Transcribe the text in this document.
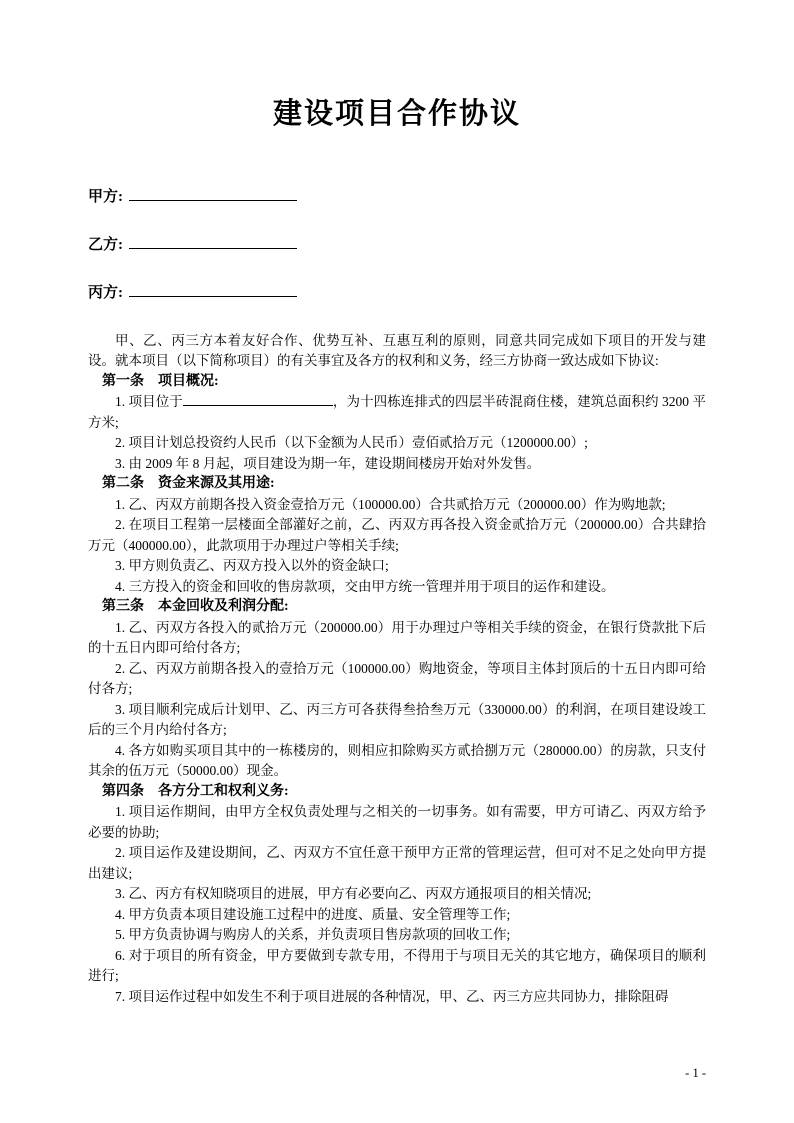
建设项目合作协议
甲方:
乙方:
丙方:

甲、乙、丙三方本着友好合作、优势互补、互惠互利的原则，同意共同完成如下项目的开发与建设。就本项目（以下简称项目）的有关事宜及各方的权利和义务，经三方协商一致达成如下协议:

第一条 项目概况:

1. 项目位于	，为十四栋连排式的四层半砖混商住楼，建筑总面积约 3200 平方米;

2. 项目计划总投资约人民币（以下金额为人民币）壹佰贰拾万元（1200000.00）;

3. 由 2009 年 8 月起，项目建设为期一年，建设期间楼房开始对外发售。

第二条 资金来源及其用途:

1. 乙、丙双方前期各投入资金壹拾万元（100000.00）合共贰拾万元（200000.00）作为购地款;

2. 在项目工程第一层楼面全部灌好之前，乙、丙双方再各投入资金贰拾万元（200000.00）合共肆拾万元（400000.00），此款项用于办理过户等相关手续;

3. 甲方则负责乙、丙双方投入以外的资金缺口;

4. 三方投入的资金和回收的售房款项，交由甲方统一管理并用于项目的运作和建设。

第三条 本金回收及利润分配:

1. 乙、丙双方各投入的贰拾万元（200000.00）用于办理过户等相关手续的资金，在银行贷款批下后的十五日内即可给付各方;

2. 乙、丙双方前期各投入的壹拾万元（100000.00）购地资金，等项目主体封顶后的十五日内即可给付各方;

3. 项目顺利完成后计划甲、乙、丙三方可各获得叁拾叁万元（330000.00）的利润，在项目建设竣工后的三个月内给付各方;

4. 各方如购买项目其中的一栋楼房的，则相应扣除购买方贰拾捌万元（280000.00）的房款，只支付其余的伍万元（50000.00）现金。

第四条 各方分工和权利义务:

1. 项目运作期间，由甲方全权负责处理与之相关的一切事务。如有需要，甲方可请乙、丙双方给予必要的协助;

2. 项目运作及建设期间，乙、丙双方不宜任意干预甲方正常的管理运营，但可对不足之处向甲方提出建议;

3. 乙、丙方有权知晓项目的进展，甲方有必要向乙、丙双方通报项目的相关情况;

4. 甲方负责本项目建设施工过程中的进度、质量、安全管理等工作;

5. 甲方负责协调与购房人的关系，并负责项目售房款项的回收工作;

6. 对于项目的所有资金，甲方要做到专款专用，不得用于与项目无关的其它地方，确保项目的顺利进行;

7. 项目运作过程中如发生不利于项目进展的各种情况，甲、乙、丙三方应共同协力，排除阻碍

- 1 -
